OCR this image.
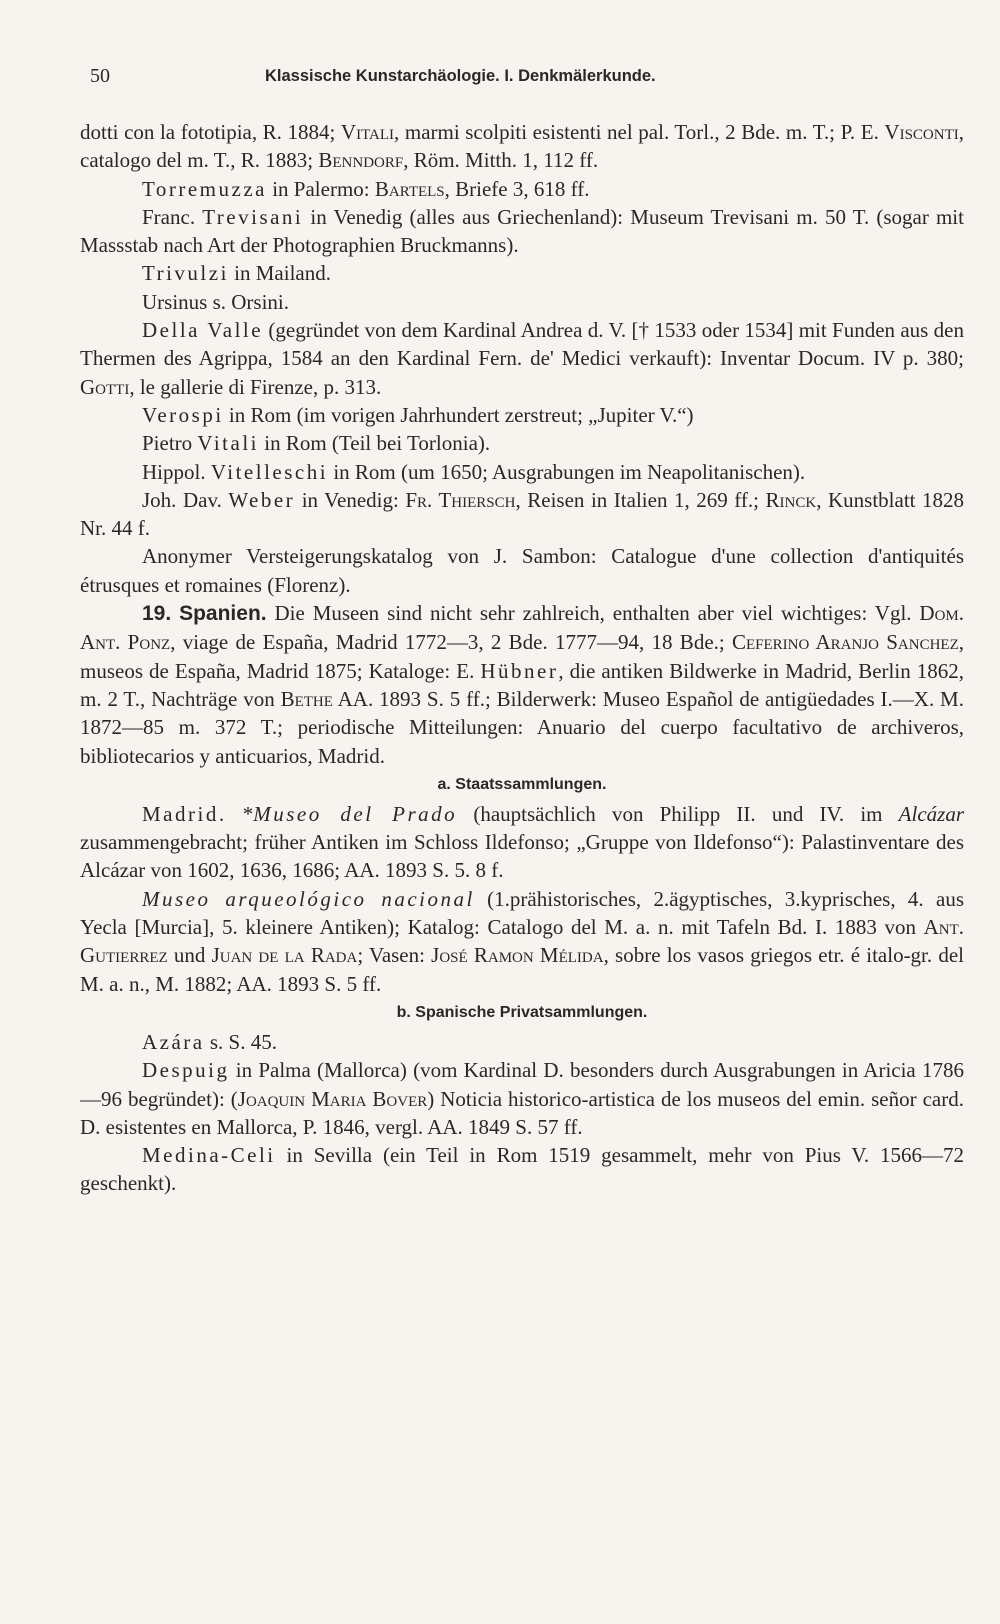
50	Klassische Kunstarchäologie. I. Denkmälerkunde.

dotti con la fototipia, R. 1884; Vitali, marmi scolpiti esistenti nel pal. Torl., 2 Bde. m. T.; P. E. Visconti, catalogo del m. T., R. 1883; Benndorf, Röm. Mitth. 1, 112 ff.

Torremuzza in Palermo: Bartels, Briefe 3, 618 ff.

Franc. Trevisani in Venedig (alles aus Griechenland): Museum Trevisani m. 50 T. (sogar mit Massstab nach Art der Photographien Bruckmanns).

Trivulzi in Mailand.

Ursinus s. Orsini.

Della Valle (gegründet von dem Kardinal Andrea d. V. [† 1533 oder 1534] mit Funden aus den Thermen des Agrippa, 1584 an den Kardinal Fern. de' Medici verkauft): Inventar Docum. IV p. 380; Gotti, le gallerie di Firenze, p. 313.

Verospi in Rom (im vorigen Jahrhundert zerstreut; „Jupiter V.“)

Pietro Vitali in Rom (Teil bei Torlonia).

Hippol. Vitelleschi in Rom (um 1650; Ausgrabungen im Neapolitanischen).

Joh. Dav. Weber in Venedig: Fr. Thiersch, Reisen in Italien 1, 269 ff.; Rinck, Kunstblatt 1828 Nr. 44 f.

Anonymer Versteigerungskatalog von J. Sambon: Catalogue d'une collection d'antiquités étrusques et romaines (Florenz).

19. Spanien. Die Museen sind nicht sehr zahlreich, enthalten aber viel wichtiges: Vgl. Dom. Ant. Ponz, viage de España, Madrid 1772—3, 2 Bde. 1777—94, 18 Bde.; Ceferino Aranjo Sanchez, museos de España, Madrid 1875; Kataloge: E. Hübner, die antiken Bildwerke in Madrid, Berlin 1862, m. 2 T., Nachträge von Bethe AA. 1893 S. 5 ff.; Bilderwerk: Museo Español de antigüedades I.—X. M. 1872—85 m. 372 T.; periodische Mitteilungen: Anuario del cuerpo facultativo de archiveros, bibliotecarios y anticuarios, Madrid.

a. Staatssammlungen.

Madrid. *Museo del Prado (hauptsächlich von Philipp II. und IV. im Alcázar zusammengebracht; früher Antiken im Schloss Ildefonso; „Gruppe von Ildefonso“): Palastinventare des Alcázar von 1602, 1636, 1686; AA. 1893 S. 5. 8 f.

Museo arqueológico nacional (1.prähistorisches, 2.ägyptisches, 3.kyprisches, 4. aus Yecla [Murcia], 5. kleinere Antiken); Katalog: Catalogo del M. a. n. mit Tafeln Bd. I. 1883 von Ant. Gutierrez und Juan de la Rada; Vasen: José Ramon Mélida, sobre los vasos griegos etr. é italo-gr. del M. a. n., M. 1882; AA. 1893 S. 5 ff.

b. Spanische Privatsammlungen.

Azára s. S. 45.

Despuig in Palma (Mallorca) (vom Kardinal D. besonders durch Ausgrabungen in Aricia 1786—96 begründet): (Joaquin Maria Bover) Noticia historico-artistica de los museos del emin. señor card. D. esistentes en Mallorca, P. 1846, vergl. AA. 1849 S. 57 ff.

Medina-Celi in Sevilla (ein Teil in Rom 1519 gesammelt, mehr von Pius V. 1566—72 geschenkt).
